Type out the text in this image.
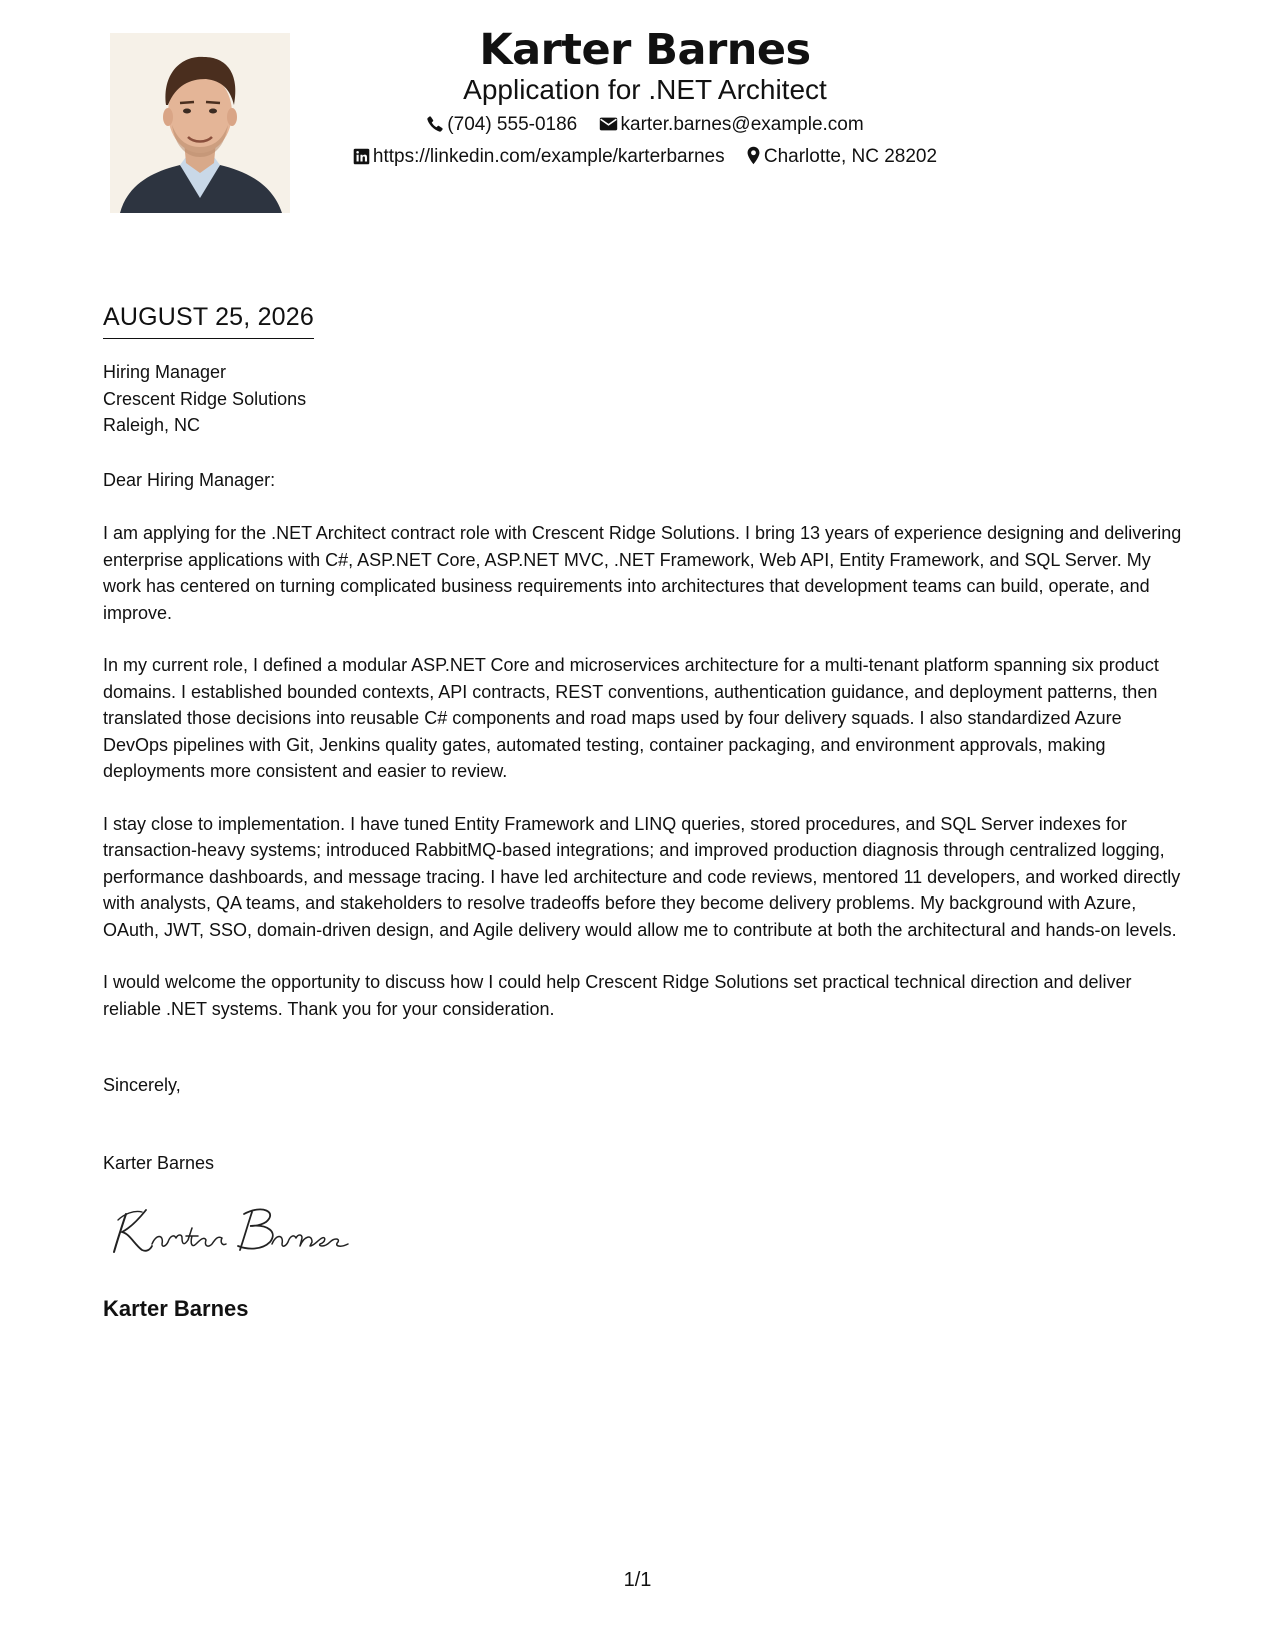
Karter Barnes
Application for .NET Architect
(704) 555-0186 karter.barnes@example.com
https://linkedin.com/example/karterbarnes Charlotte, NC 28202
AUGUST 25, 2026
Hiring Manager
Crescent Ridge Solutions
Raleigh, NC
Dear Hiring Manager:

I am applying for the .NET Architect contract role with Crescent Ridge Solutions. I bring 13 years of experience designing and delivering enterprise applications with C#, ASP.NET Core, ASP.NET MVC, .NET Framework, Web API, Entity Framework, and SQL Server. My work has centered on turning complicated business requirements into architectures that development teams can build, operate, and improve.

In my current role, I defined a modular ASP.NET Core and microservices architecture for a multi-tenant platform spanning six product domains. I established bounded contexts, API contracts, REST conventions, authentication guidance, and deployment patterns, then translated those decisions into reusable C# components and road maps used by four delivery squads. I also standardized Azure DevOps pipelines with Git, Jenkins quality gates, automated testing, container packaging, and environment approvals, making deployments more consistent and easier to review.

I stay close to implementation. I have tuned Entity Framework and LINQ queries, stored procedures, and SQL Server indexes for transaction-heavy systems; introduced RabbitMQ-based integrations; and improved production diagnosis through centralized logging, performance dashboards, and message tracing. I have led architecture and code reviews, mentored 11 developers, and worked directly with analysts, QA teams, and stakeholders to resolve tradeoffs before they become delivery problems. My background with Azure, OAuth, JWT, SSO, domain-driven design, and Agile delivery would allow me to contribute at both the architectural and hands-on levels.

I would welcome the opportunity to discuss how I could help Crescent Ridge Solutions set practical technical direction and deliver reliable .NET systems. Thank you for your consideration.

Sincerely,
Karter Barnes
Karter Barnes
1/1
